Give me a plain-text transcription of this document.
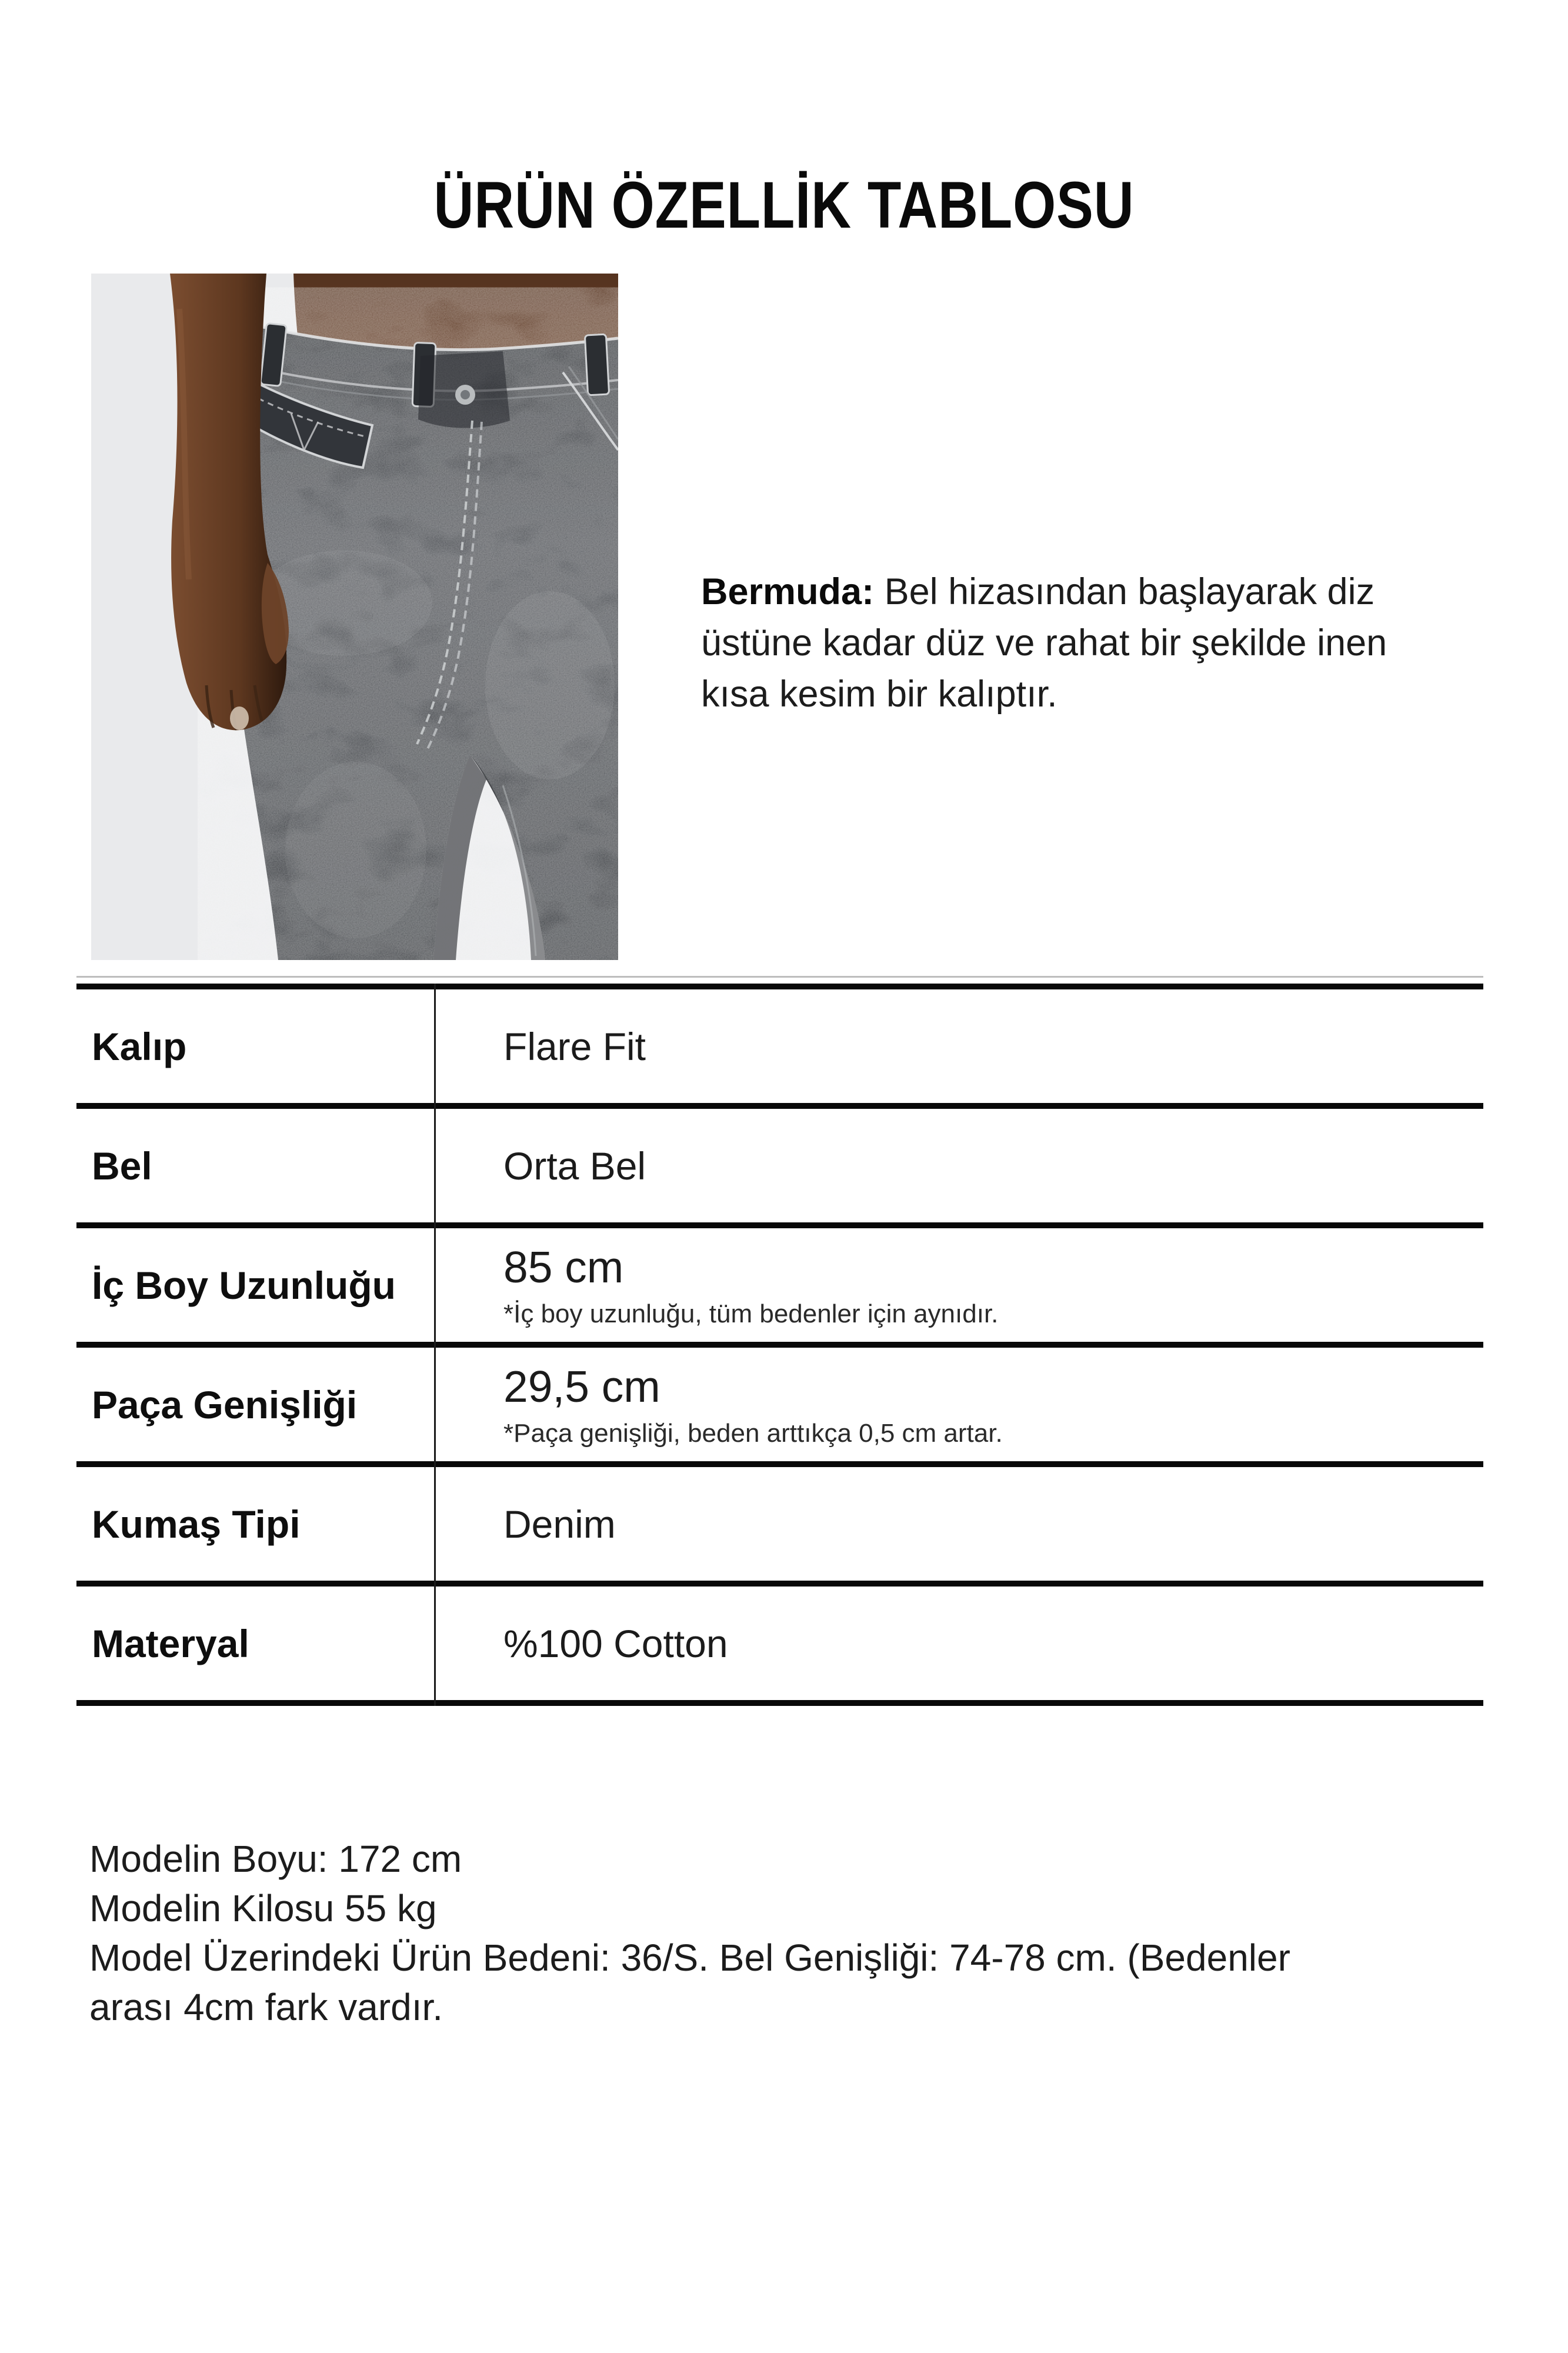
ÜRÜN ÖZELLİK TABLOSU

Bermuda: Bel hizasından başlayarak diz üstüne kadar düz ve rahat bir şekilde inen kısa kesim bir kalıptır.

Kalıp	Flare Fit
Bel	Orta Bel
İç Boy Uzunluğu	85 cm
*İç boy uzunluğu, tüm bedenler için aynıdır.
Paça Genişliği	29,5 cm
*Paça genişliği, beden arttıkça 0,5 cm artar.
Kumaş Tipi	Denim
Materyal	%100 Cotton
Modelin Boyu: 172 cm
Modelin Kilosu 55 kg
Model Üzerindeki Ürün Bedeni: 36/S. Bel Genişliği: 74-78 cm. (Bedenler
arası 4cm fark vardır.
